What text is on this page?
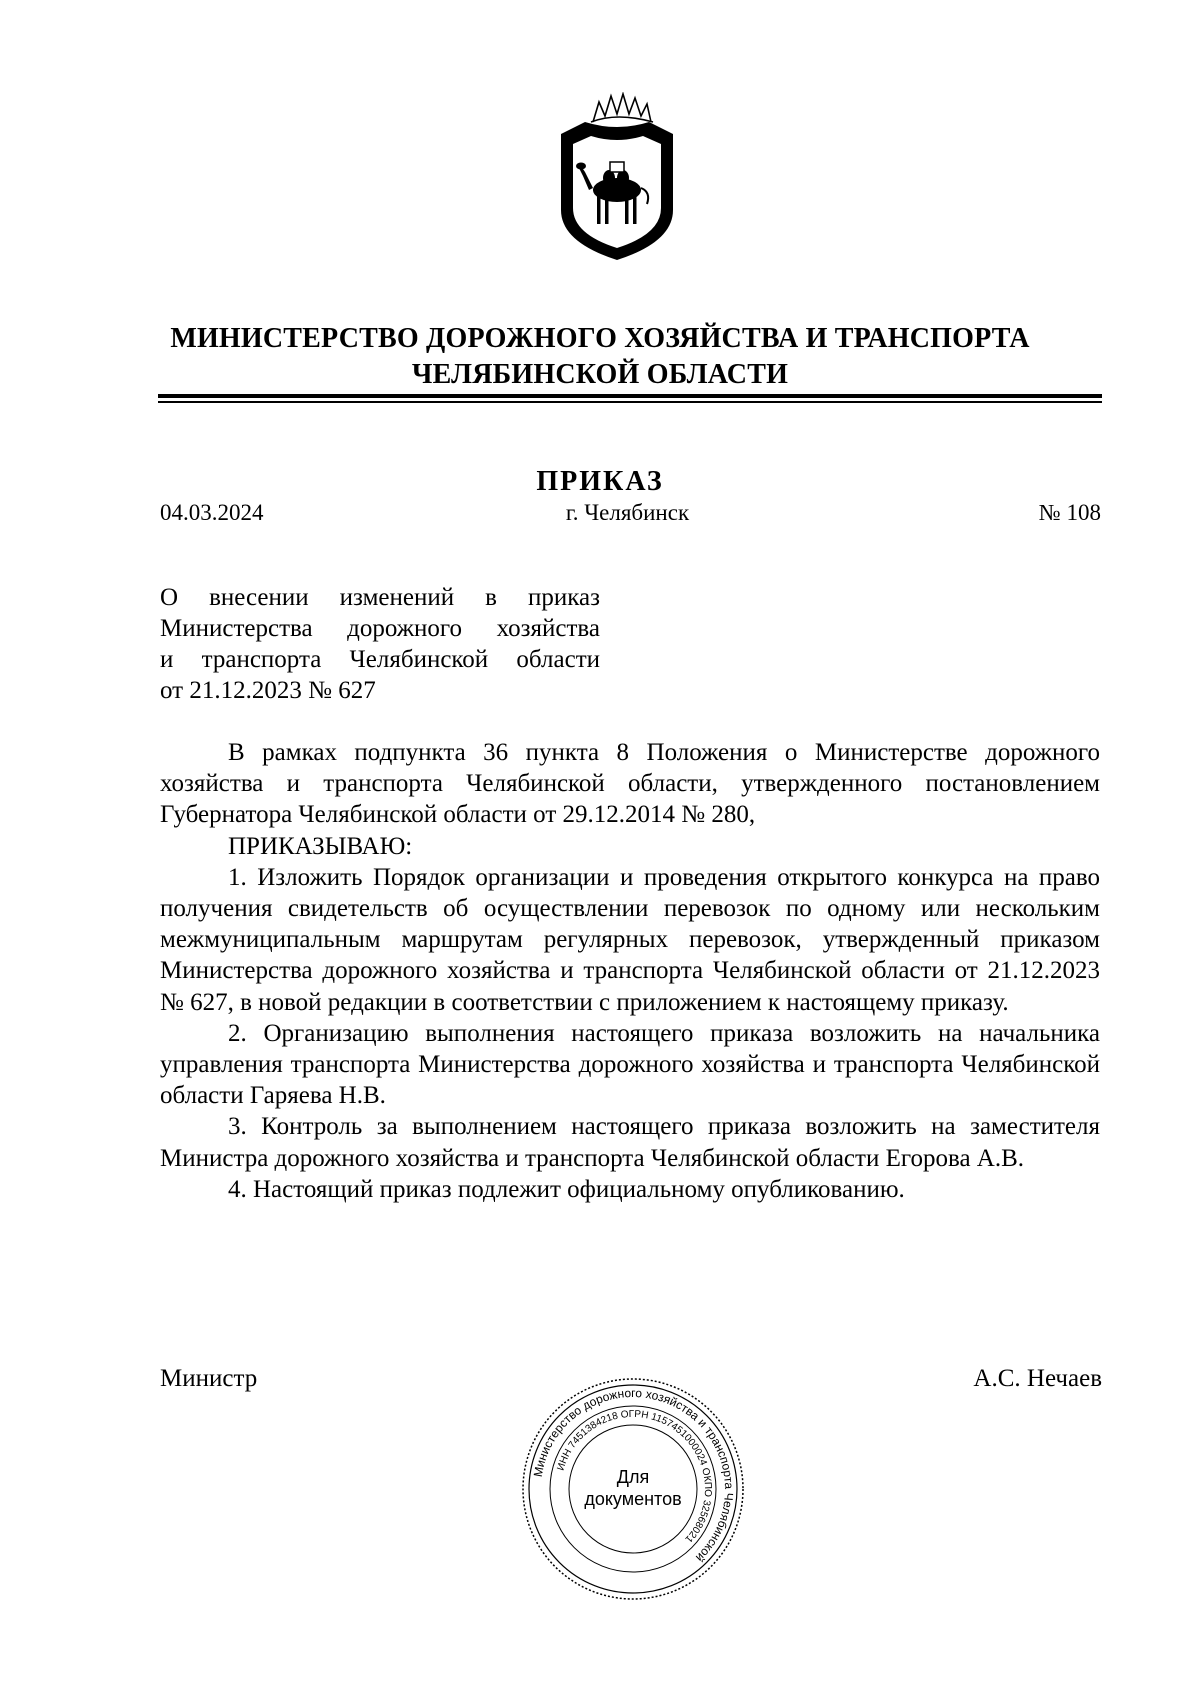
МИНИСТЕРСТВО ДОРОЖНОГО ХОЗЯЙСТВА И ТРАНСПОРТА
ЧЕЛЯБИНСКОЙ ОБЛАСТИ
ПРИКАЗ
04.03.2024	г. Челябинск	№ 108
О внесении изменений в приказ
Министерства дорожного хозяйства
и транспорта Челябинской области
от 21.12.2023 № 627

В рамках подпункта 36 пункта 8 Положения о Министерстве дорожного хозяйства и транспорта Челябинской области, утвержденного постановлением Губернатора Челябинской области от 29.12.2014 № 280,

ПРИКАЗЫВАЮ:

1. Изложить Порядок организации и проведения открытого конкурса на право получения свидетельств об осуществлении перевозок по одному или нескольким межмуниципальным маршрутам регулярных перевозок, утвержденный приказом Министерства дорожного хозяйства и транспорта Челябинской области от 21.12.2023 № 627, в новой редакции в соответствии с приложением к настоящему приказу.

2. Организацию выполнения настоящего приказа возложить на начальника управления транспорта Министерства дорожного хозяйства и транспорта Челябинской области Гаряева Н.В.

3. Контроль за выполнением настоящего приказа возложить на заместителя Министра дорожного хозяйства и транспорта Челябинской области Егорова А.В.

4. Настоящий приказ подлежит официальному опубликованию.

Министр	А.С. Нечаев
Министерство дорожного хозяйства и транспорта Челябинской
ИНН 7451384218 ОГРН 1157451000024 ОКПО 32568021
Для
документов
